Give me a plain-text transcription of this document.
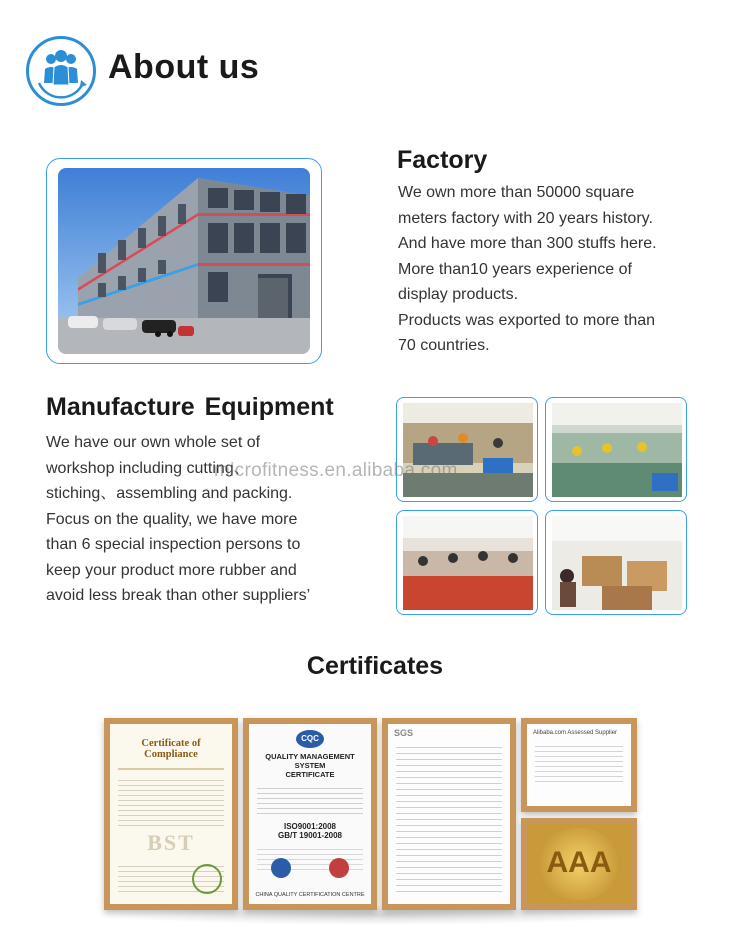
About us
Factory
We own more than 50000 square
meters factory with 20 years history.
And have more than 300 stuffs here.
More than10 years experience of
display products.
Products was exported to more than
70 countries.
Manufacture Equipment
We have our own whole set of
workshop including cutting、
stiching、assembling and packing.
Focus on the quality, we have more
than 6 special inspection persons to
keep your product more rubber and
avoid less break than other suppliers’
microfitness.en.alibaba.com
Certificates
Certificate of Compliance
BST
CQC
QUALITY MANAGEMENT SYSTEM
CERTIFICATE
ISO9001:2008
GB/T 19001-2008
CHINA QUALITY CERTIFICATION CENTRE
SGS	Alibaba.com Assessed Supplier
AAA
